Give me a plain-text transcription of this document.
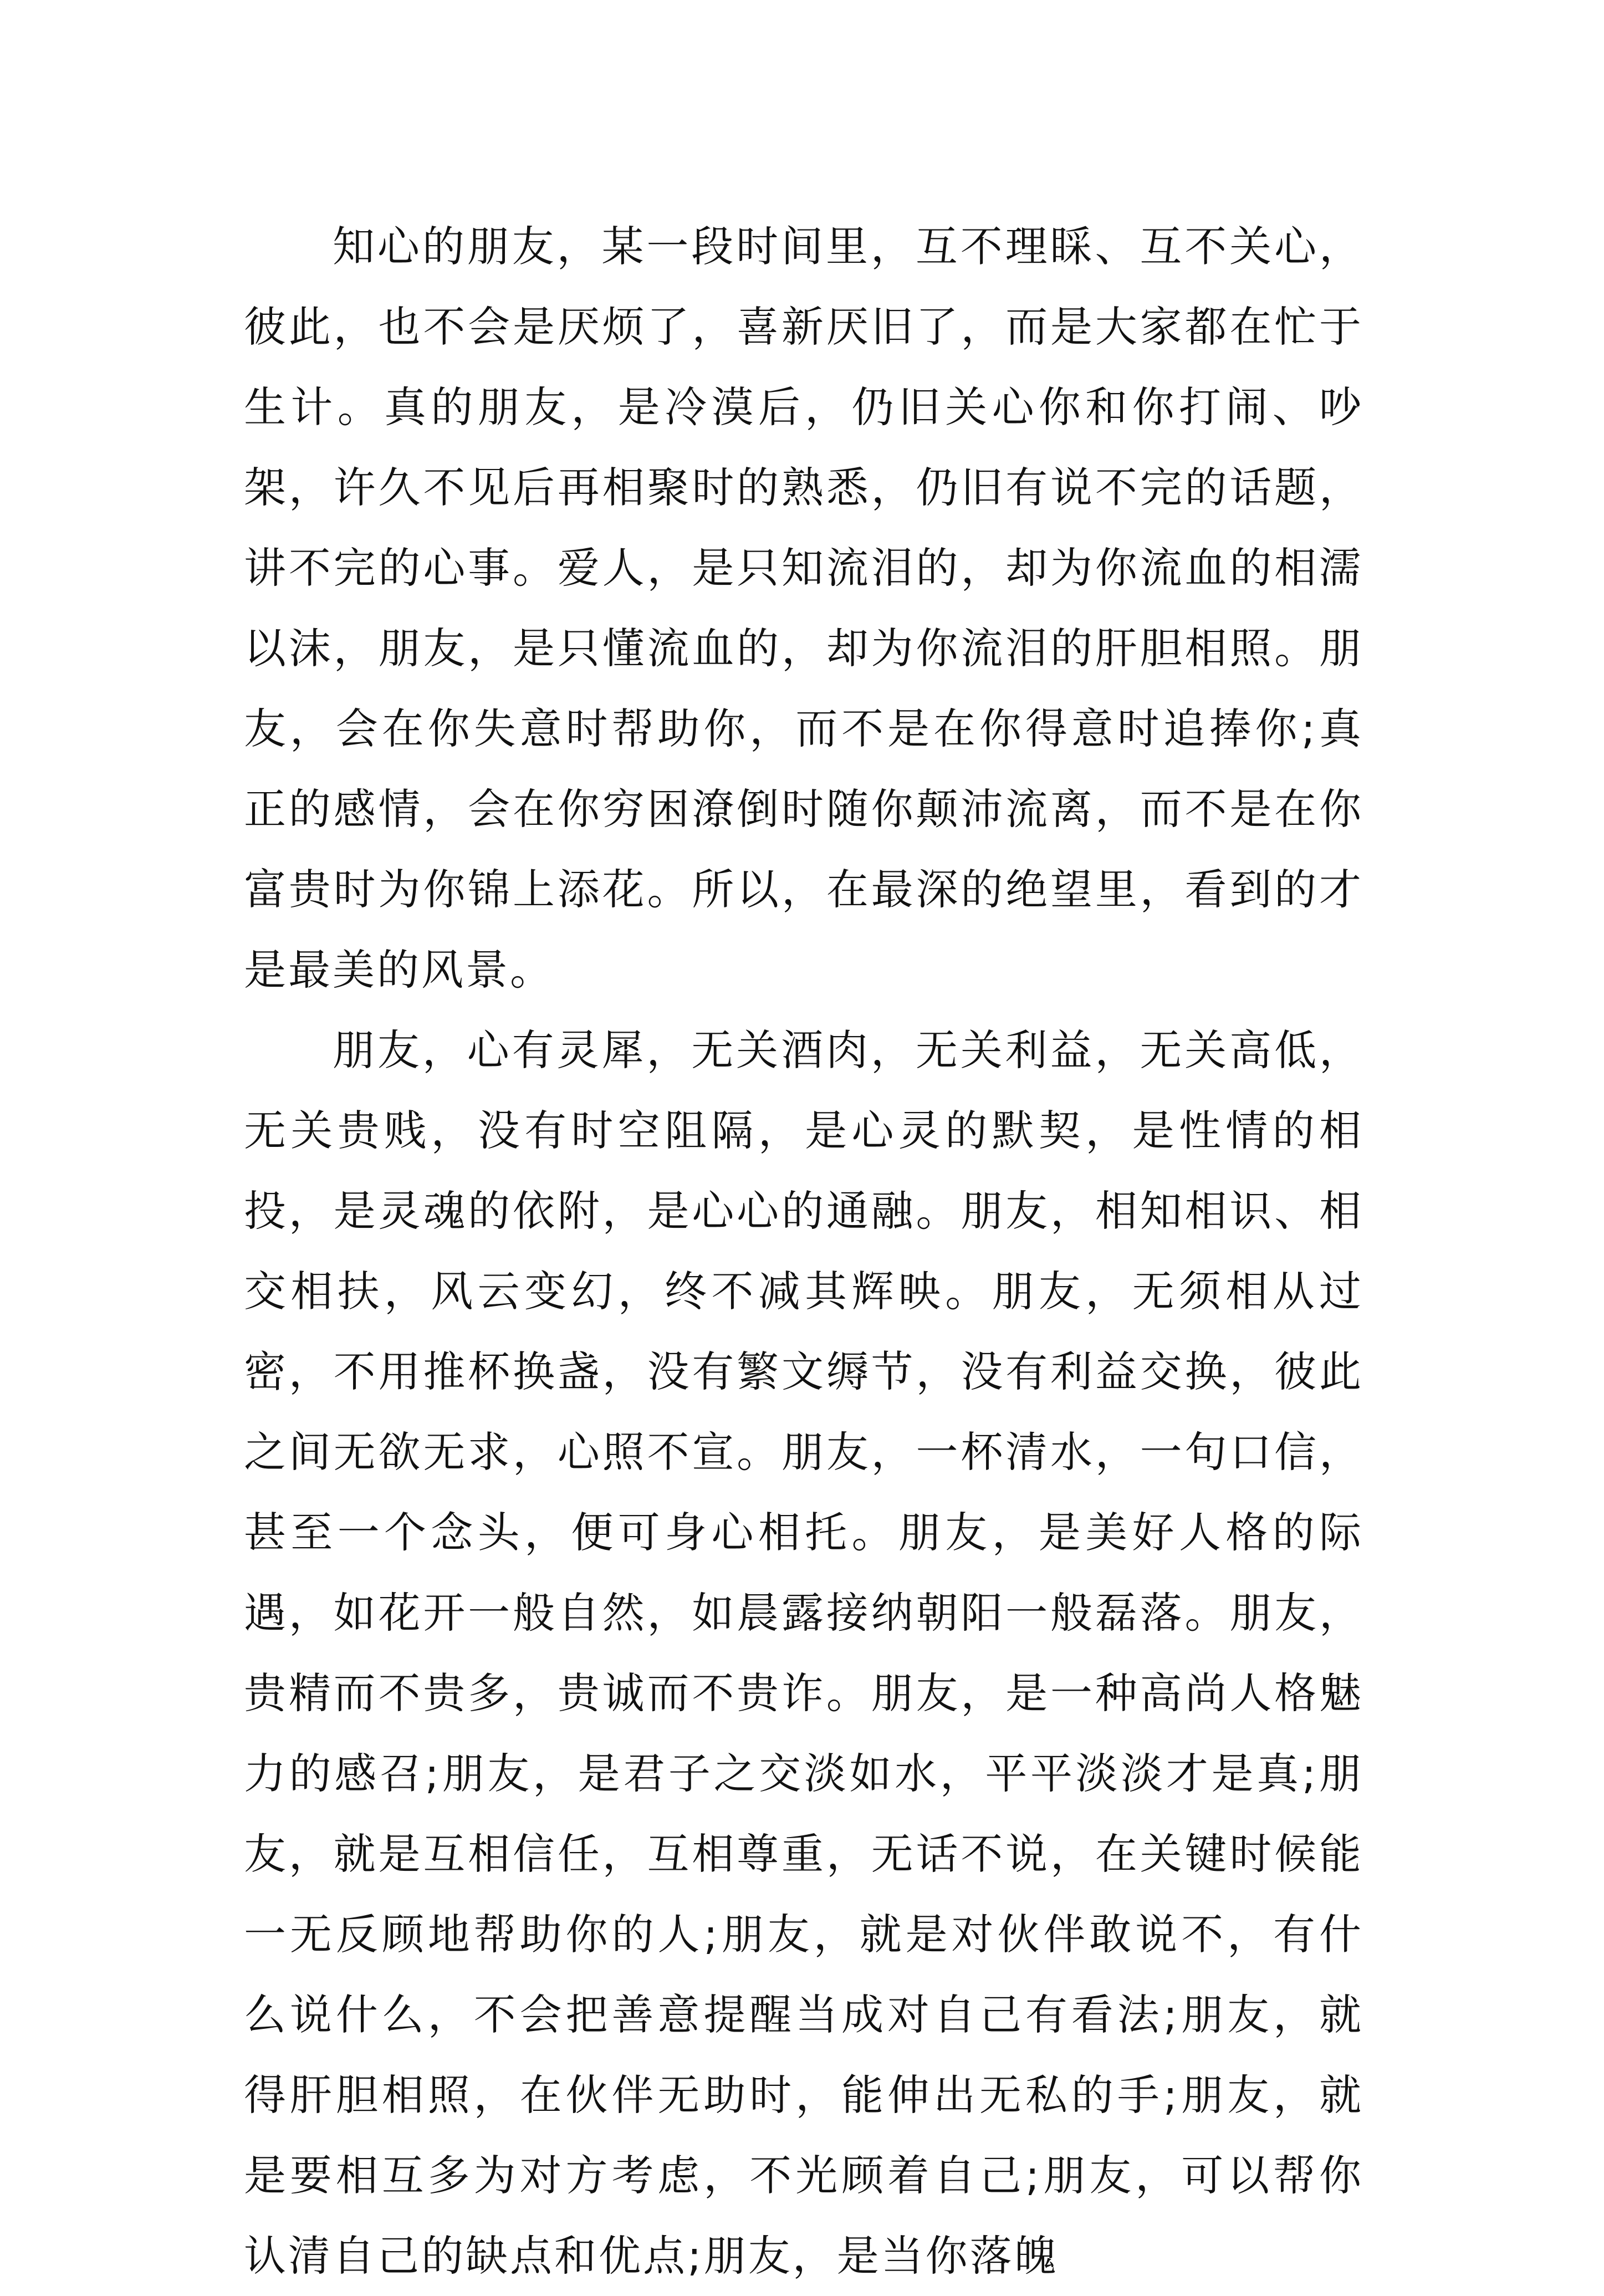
知心的朋友，某一段时间里，互不理睬、互不关心，彼此，也不会是厌烦了，喜新厌旧了，而是大家都在忙于生计。真的朋友，是冷漠后，仍旧关心你和你打闹、吵架，许久不见后再相聚时的熟悉，仍旧有说不完的话题，讲不完的心事。爱人，是只知流泪的，却为你流血的相濡以沫，朋友，是只懂流血的，却为你流泪的肝胆相照。朋友，会在你失意时帮助你，而不是在你得意时追捧你;真正的感情，会在你穷困潦倒时随你颠沛流离，而不是在你富贵时为你锦上添花。所以，在最深的绝望里，看到的才是最美的风景。

朋友，心有灵犀，无关酒肉，无关利益，无关高低，无关贵贱，没有时空阻隔，是心灵的默契，是性情的相投，是灵魂的依附，是心心的通融。朋友，相知相识、相交相扶，风云变幻，终不减其辉映。朋友，无须相从过密，不用推杯换盏，没有繁文缛节，没有利益交换，彼此之间无欲无求，心照不宣。朋友，一杯清水，一句口信，甚至一个念头，便可身心相托。朋友，是美好人格的际遇，如花开一般自然，如晨露接纳朝阳一般磊落。朋友，贵精而不贵多，贵诚而不贵诈。朋友，是一种高尚人格魅力的感召;朋友，是君子之交淡如水，平平淡淡才是真;朋友，就是互相信任，互相尊重，无话不说，在关键时候能一无反顾地帮助你的人;朋友，就是对伙伴敢说不，有什么说什么，不会把善意提醒当成对自己有看法;朋友，就得肝胆相照，在伙伴无助时，能伸出无私的手;朋友，就是要相互多为对方考虑，不光顾着自己;朋友，可以帮你认清自己的缺点和优点;朋友，是当你落魄
